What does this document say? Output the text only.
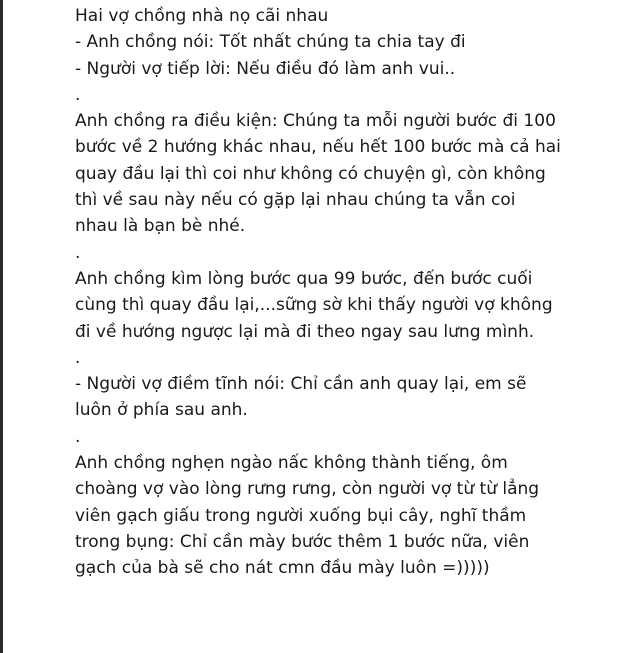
Hai vợ chồng nhà nọ cãi nhau
- Anh chồng nói: Tốt nhất chúng ta chia tay đi
- Người vợ tiếp lời: Nếu điều đó làm anh vui..
.
Anh chồng ra điều kiện: Chúng ta mỗi người bước đi 100
bước về 2 hướng khác nhau, nếu hết 100 bước mà cả hai
quay đầu lại thì coi như không có chuyện gì, còn không
thì về sau này nếu có gặp lại nhau chúng ta vẫn coi
nhau là bạn bè nhé.
.
Anh chồng kìm lòng bước qua 99 bước, đến bước cuối
cùng thì quay đầu lại,...sững sờ khi thấy người vợ không
đi về hướng ngược lại mà đi theo ngay sau lưng mình.
.
- Người vợ điềm tĩnh nói: Chỉ cần anh quay lại, em sẽ
luôn ở phía sau anh.
.
Anh chồng nghẹn ngào nấc không thành tiếng, ôm
choàng vợ vào lòng rưng rưng, còn người vợ từ từ lẳng
viên gạch giấu trong người xuống bụi cây, nghĩ thầm
trong bụng: Chỉ cần mày bước thêm 1 bước nữa, viên
gạch của bà sẽ cho nát cmn đầu mày luôn =)))))
